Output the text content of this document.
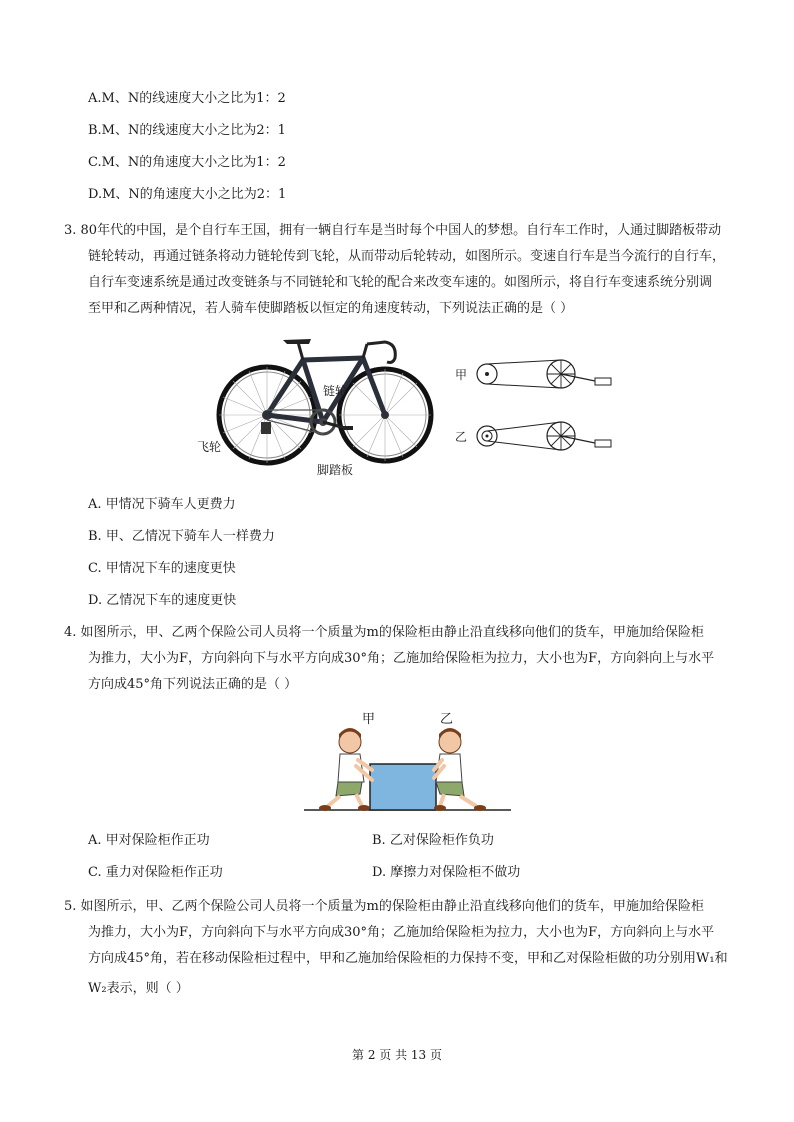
A.M、N的线速度大小之比为1：2
B.M、N的线速度大小之比为2：1
C.M、N的角速度大小之比为1：2
D.M、N的角速度大小之比为2：1
3. 80年代的中国，是个自行车王国，拥有一辆自行车是当时每个中国人的梦想。自行车工作时，人通过脚踏板带动
链轮转动，再通过链条将动力链轮传到飞轮，从而带动后轮转动，如图所示。变速自行车是当今流行的自行车，
自行车变速系统是通过改变链条与不同链轮和飞轮的配合来改变车速的。如图所示，将自行车变速系统分别调
至甲和乙两种情况，若人骑车使脚踏板以恒定的角速度转动，下列说法正确的是（ ）
链轮
飞轮
脚踏板
甲
乙
A. 甲情况下骑车人更费力
B. 甲、乙情况下骑车人一样费力
C. 甲情况下车的速度更快
D. 乙情况下车的速度更快
4. 如图所示，甲、乙两个保险公司人员将一个质量为m的保险柜由静止沿直线移向他们的货车，甲施加给保险柜
为推力，大小为F，方向斜向下与水平方向成30°角；乙施加给保险柜为拉力，大小也为F，方向斜向上与水平
方向成45°角下列说法正确的是（ ）
甲	乙
A. 甲对保险柜作正功	B. 乙对保险柜作负功
C. 重力对保险柜作正功	D. 摩擦力对保险柜不做功
5. 如图所示，甲、乙两个保险公司人员将一个质量为m的保险柜由静止沿直线移向他们的货车，甲施加给保险柜
为推力，大小为F，方向斜向下与水平方向成30°角；乙施加给保险柜为拉力，大小也为F，方向斜向上与水平
方向成45°角，若在移动保险柜过程中，甲和乙施加给保险柜的力保持不变，甲和乙对保险柜做的功分别用W₁和
W₂表示，则（ ）
第 2 页 共 13 页
